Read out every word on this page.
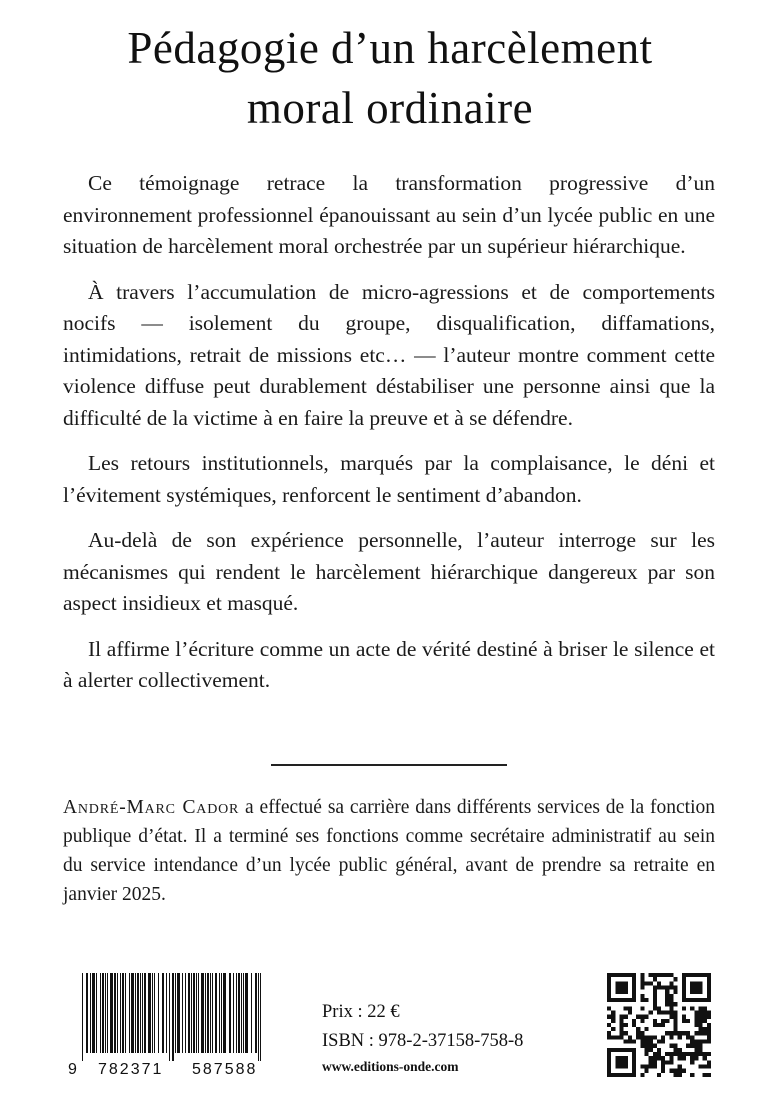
Pédagogie d’un harcèlement
moral ordinaire

Ce témoignage retrace la transformation progressive d’un environnement professionnel épanouissant au sein d’un lycée public en une situation de harcèlement moral orchestrée par un supérieur hiérarchique.

À travers l’accumulation de micro-agressions et de comportements nocifs — isolement du groupe, disqualification, diffamations, intimidations, retrait de missions etc… — l’auteur montre comment cette violence diffuse peut durablement déstabiliser une personne ainsi que la difficulté de la victime à en faire la preuve et à se défendre.

Les retours institutionnels, marqués par la complaisance, le déni et l’évitement systémiques, renforcent le sentiment d’abandon.

Au-delà de son expérience personnelle, l’auteur interroge sur les mécanismes qui rendent le harcèlement hiérarchique dangereux par son aspect insidieux et masqué.

Il affirme l’écriture comme un acte de vérité destiné à briser le silence et à alerter collectivement.

André-Marc Cador a effectué sa carrière dans différents services de la fonction publique d’état. Il a terminé ses fonctions comme secrétaire administratif au sein du service intendance d’un lycée public général, avant de prendre sa retraite en janvier 2025.
9 782371 587588
Prix : 22 €
ISBN : 978-2-37158-758-8
www.editions-onde.com
